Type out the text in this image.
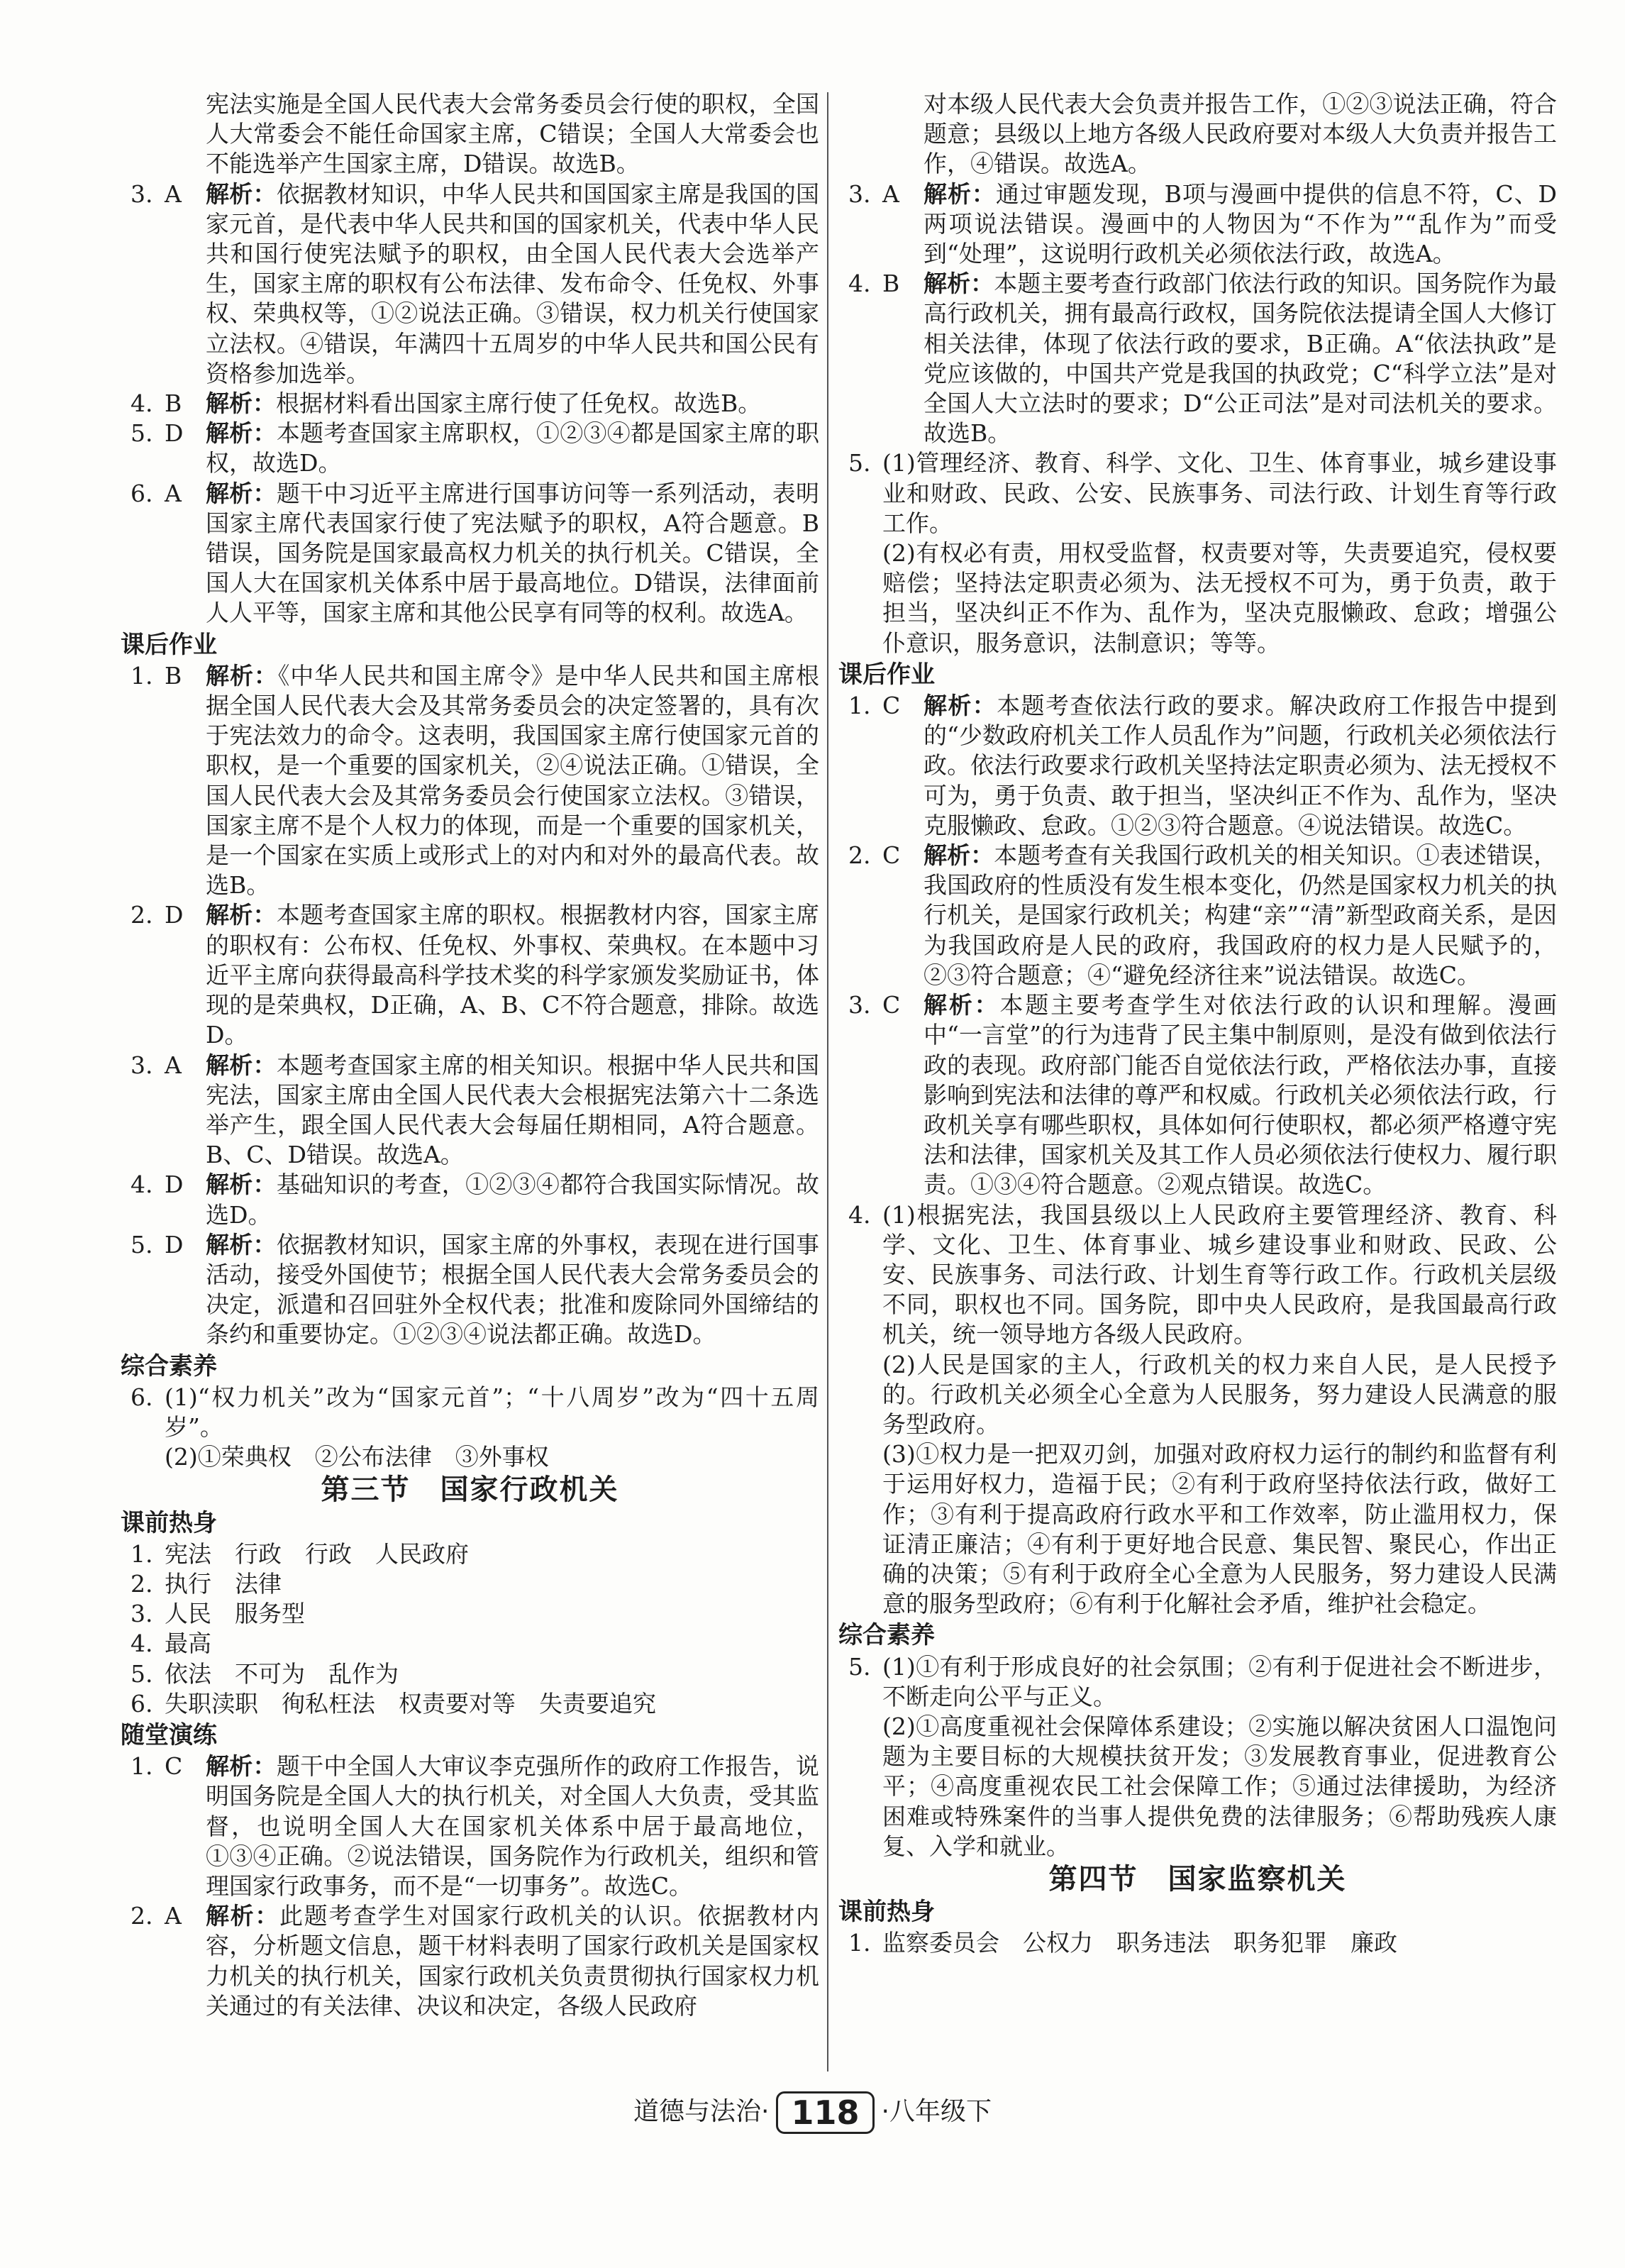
宪法实施是全国人民代表大会常务委员会行使的职权，全国人大常委会不能任命国家主席，C错误；全国人大常委会也不能选举产生国家主席，D错误。故选B。

3. A	解析：依据教材知识，中华人民共和国国家主席是我国的国家元首，是代表中华人民共和国的国家机关，代表中华人民共和国行使宪法赋予的职权，由全国人民代表大会选举产生，国家主席的职权有公布法律、发布命令、任免权、外事权、荣典权等，①②说法正确。③错误，权力机关行使国家立法权。④错误，年满四十五周岁的中华人民共和国公民有资格参加选举。
4. B	解析：根据材料看出国家主席行使了任免权。故选B。
5. D 解析：本题考查国家主席职权，①②③④都是国家主席的职权，故选D。
6. A	解析：题干中习近平主席进行国事访问等一系列活动，表明国家主席代表国家行使了宪法赋予的职权，A符合题意。B错误，国务院是国家最高权力机关的执行机关。C错误，全国人大在国家机关体系中居于最高地位。D错误，法律面前人人平等，国家主席和其他公民享有同等的权利。故选A。
课后作业
1. B	解析：《中华人民共和国主席令》是中华人民共和国主席根据全国人民代表大会及其常务委员会的决定签署的，具有次于宪法效力的命令。这表明，我国国家主席行使国家元首的职权，是一个重要的国家机关，②④说法正确。①错误，全国人民代表大会及其常务委员会行使国家立法权。③错误，国家主席不是个人权力的体现，而是一个重要的国家机关，是一个国家在实质上或形式上的对内和对外的最高代表。故选B。
2. D 解析：本题考查国家主席的职权。根据教材内容，国家主席的职权有：公布权、任免权、外事权、荣典权。在本题中习近平主席向获得最高科学技术奖的科学家颁发奖励证书，体现的是荣典权，D正确，A、B、C不符合题意，排除。故选D。
3. A	解析：本题考查国家主席的相关知识。根据中华人民共和国宪法，国家主席由全国人民代表大会根据宪法第六十二条选举产生，跟全国人民代表大会每届任期相同，A符合题意。B、C、D错误。故选A。
4. D 解析：基础知识的考查，①②③④都符合我国实际情况。故选D。
5. D 解析：依据教材知识，国家主席的外事权，表现在进行国事活动，接受外国使节；根据全国人民代表大会常务委员会的决定，派遣和召回驻外全权代表；批准和废除同外国缔结的条约和重要协定。①②③④说法都正确。故选D。
综合素养
6. (1)“权力机关”改为“国家元首”；“十八周岁”改为“四十五周岁”。

(2)①荣典权　②公布法律　③外事权

第三节　国家行政机关
课前热身
1. 宪法　行政　行政　人民政府
2. 执行　法律
3. 人民　服务型
4. 最高
5. 依法　不可为　乱作为
6. 失职渎职　徇私枉法　权责要对等　失责要追究
随堂演练
1. C 解析：题干中全国人大审议李克强所作的政府工作报告，说明国务院是全国人大的执行机关，对全国人大负责，受其监督，也说明全国人大在国家机关体系中居于最高地位，①③④正确。②说法错误，国务院作为行政机关，组织和管理国家行政事务，而不是“一切事务”。故选C。
2. A	解析：此题考查学生对国家行政机关的认识。依据教材内容，分析题文信息，题干材料表明了国家行政机关是国家权力机关的执行机关，国家行政机关负责贯彻执行国家权力机关通过的有关法律、决议和决定，各级人民政府

对本级人民代表大会负责并报告工作，①②③说法正确，符合题意；县级以上地方各级人民政府要对本级人大负责并报告工作，④错误。故选A。

3. A	解析：通过审题发现，B项与漫画中提供的信息不符，C、D两项说法错误。漫画中的人物因为“不作为”“乱作为”而受到“处理”，这说明行政机关必须依法行政，故选A。
4. B	解析：本题主要考查行政部门依法行政的知识。国务院作为最高行政机关，拥有最高行政权，国务院依法提请全国人大修订相关法律，体现了依法行政的要求，B正确。A“依法执政”是党应该做的，中国共产党是我国的执政党；C“科学立法”是对全国人大立法时的要求；D“公正司法”是对司法机关的要求。故选B。
5. (1)管理经济、教育、科学、文化、卫生、体育事业，城乡建设事业和财政、民政、公安、民族事务、司法行政、计划生育等行政工作。

(2)有权必有责，用权受监督，权责要对等，失责要追究，侵权要赔偿；坚持法定职责必须为、法无授权不可为，勇于负责，敢于担当，坚决纠正不作为、乱作为，坚决克服懒政、怠政；增强公仆意识，服务意识，法制意识；等等。

课后作业
1. C 解析：本题考查依法行政的要求。解决政府工作报告中提到的“少数政府机关工作人员乱作为”问题，行政机关必须依法行政。依法行政要求行政机关坚持法定职责必须为、法无授权不可为，勇于负责、敢于担当，坚决纠正不作为、乱作为，坚决克服懒政、怠政。①②③符合题意。④说法错误。故选C。
2. C 解析：本题考查有关我国行政机关的相关知识。①表述错误，我国政府的性质没有发生根本变化，仍然是国家权力机关的执行机关，是国家行政机关；构建“亲”“清”新型政商关系，是因为我国政府是人民的政府，我国政府的权力是人民赋予的，②③符合题意；④“避免经济往来”说法错误。故选C。
3. C 解析：本题主要考查学生对依法行政的认识和理解。漫画中“一言堂”的行为违背了民主集中制原则，是没有做到依法行政的表现。政府部门能否自觉依法行政，严格依法办事，直接影响到宪法和法律的尊严和权威。行政机关必须依法行政，行政机关享有哪些职权，具体如何行使职权，都必须严格遵守宪法和法律，国家机关及其工作人员必须依法行使权力、履行职责。①③④符合题意。②观点错误。故选C。
4. (1)根据宪法，我国县级以上人民政府主要管理经济、教育、科学、文化、卫生、体育事业、城乡建设事业和财政、民政、公安、民族事务、司法行政、计划生育等行政工作。行政机关层级不同，职权也不同。国务院，即中央人民政府，是我国最高行政机关，统一领导地方各级人民政府。

(2)人民是国家的主人，行政机关的权力来自人民，是人民授予的。行政机关必须全心全意为人民服务，努力建设人民满意的服务型政府。

(3)①权力是一把双刃剑，加强对政府权力运行的制约和监督有利于运用好权力，造福于民；②有利于政府坚持依法行政，做好工作；③有利于提高政府行政水平和工作效率，防止滥用权力，保证清正廉洁；④有利于更好地合民意、集民智、聚民心，作出正确的决策；⑤有利于政府全心全意为人民服务，努力建设人民满意的服务型政府；⑥有利于化解社会矛盾，维护社会稳定。

综合素养
5. (1)①有利于形成良好的社会氛围；②有利于促进社会不断进步，不断走向公平与正义。

(2)①高度重视社会保障体系建设；②实施以解决贫困人口温饱问题为主要目标的大规模扶贫开发；③发展教育事业，促进教育公平；④高度重视农民工社会保障工作；⑤通过法律援助，为经济困难或特殊案件的当事人提供免费的法律服务；⑥帮助残疾人康复、入学和就业。

第四节　国家监察机关
课前热身
1. 监察委员会　公权力　职务违法　职务犯罪　廉政
道德与法治· 118 ·八年级下
